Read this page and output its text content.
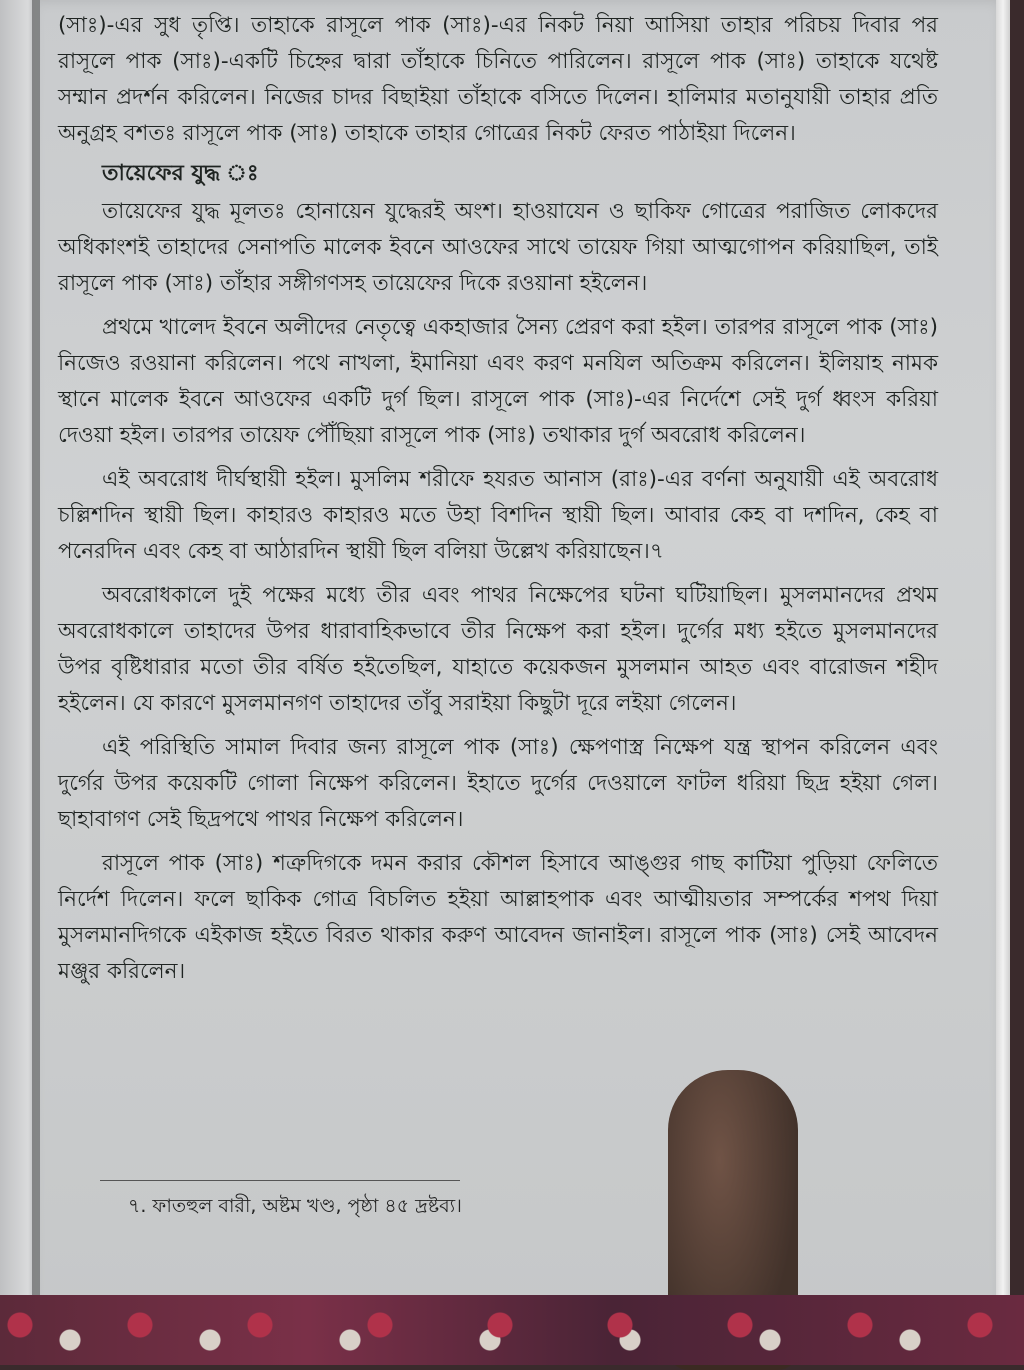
(সাঃ)-এর সুধ তৃপ্তি। তাহাকে রাসূলে পাক (সাঃ)-এর নিকট নিয়া আসিয়া তাহার পরিচয় দিবার পর রাসূলে পাক (সাঃ)-একটি চিহ্নের দ্বারা তাঁহাকে চিনিতে পারিলেন। রাসূলে পাক (সাঃ) তাহাকে যথেষ্ট সম্মান প্রদর্শন করিলেন। নিজের চাদর বিছাইয়া তাঁহাকে বসিতে দিলেন। হালিমার মতানুযায়ী তাহার প্রতি অনুগ্রহ বশতঃ রাসূলে পাক (সাঃ) তাহাকে তাহার গোত্রের নিকট ফেরত পাঠাইয়া দিলেন।

তায়েফের যুদ্ধ ঃ

তায়েফের যুদ্ধ মূলতঃ হোনায়েন যুদ্ধেরই অংশ। হাওয়াযেন ও ছাকিফ গোত্রের পরাজিত লোকদের অধিকাংশই তাহাদের সেনাপতি মালেক ইবনে আওফের সাথে তায়েফ গিয়া আত্মগোপন করিয়াছিল, তাই রাসূলে পাক (সাঃ) তাঁহার সঙ্গীগণসহ তায়েফের দিকে রওয়ানা হইলেন।

প্রথমে খালেদ ইবনে অলীদের নেতৃত্বে একহাজার সৈন্য প্রেরণ করা হইল। তারপর রাসূলে পাক (সাঃ) নিজেও রওয়ানা করিলেন। পথে নাখলা, ইমানিয়া এবং করণ মনযিল অতিক্রম করিলেন। ইলিয়াহ নামক স্থানে মালেক ইবনে আওফের একটি দুর্গ ছিল। রাসূলে পাক (সাঃ)-এর নির্দেশে সেই দুর্গ ধ্বংস করিয়া দেওয়া হইল। তারপর তায়েফ পৌঁছিয়া রাসূলে পাক (সাঃ) তথাকার দুর্গ অবরোধ করিলেন।

এই অবরোধ দীর্ঘস্থায়ী হইল। মুসলিম শরীফে হযরত আনাস (রাঃ)-এর বর্ণনা অনুযায়ী এই অবরোধ চল্লিশদিন স্থায়ী ছিল। কাহারও কাহারও মতে উহা বিশদিন স্থায়ী ছিল। আবার কেহ বা দশদিন, কেহ বা পনেরদিন এবং কেহ বা আঠারদিন স্থায়ী ছিল বলিয়া উল্লেখ করিয়াছেন।৭

অবরোধকালে দুই পক্ষের মধ্যে তীর এবং পাথর নিক্ষেপের ঘটনা ঘটিয়াছিল। মুসলমানদের প্রথম অবরোধকালে তাহাদের উপর ধারাবাহিকভাবে তীর নিক্ষেপ করা হইল। দুর্গের মধ্য হইতে মুসলমানদের উপর বৃষ্টিধারার মতো তীর বর্ষিত হইতেছিল, যাহাতে কয়েকজন মুসলমান আহত এবং বারোজন শহীদ হইলেন। যে কারণে মুসলমানগণ তাহাদের তাঁবু সরাইয়া কিছুটা দূরে লইয়া গেলেন।

এই পরিস্থিতি সামাল দিবার জন্য রাসূলে পাক (সাঃ) ক্ষেপণাস্ত্র নিক্ষেপ যন্ত্র স্থাপন করিলেন এবং দুর্গের উপর কয়েকটি গোলা নিক্ষেপ করিলেন। ইহাতে দুর্গের দেওয়ালে ফাটল ধরিয়া ছিদ্র হইয়া গেল। ছাহাবাগণ সেই ছিদ্রপথে পাথর নিক্ষেপ করিলেন।

রাসূলে পাক (সাঃ) শত্রুদিগকে দমন করার কৌশল হিসাবে আঙ্গুর গাছ কাটিয়া পুড়িয়া ফেলিতে নির্দেশ দিলেন। ফলে ছাকিক গোত্র বিচলিত হইয়া আল্লাহপাক এবং আত্মীয়তার সম্পর্কের শপথ দিয়া মুসলমানদিগকে এইকাজ হইতে বিরত থাকার করুণ আবেদন জানাইল। রাসূলে পাক (সাঃ) সেই আবেদন মঞ্জুর করিলেন।

৭. ফাতহুল বারী, অষ্টম খণ্ড, পৃষ্ঠা ৪৫ দ্রষ্টব্য।
